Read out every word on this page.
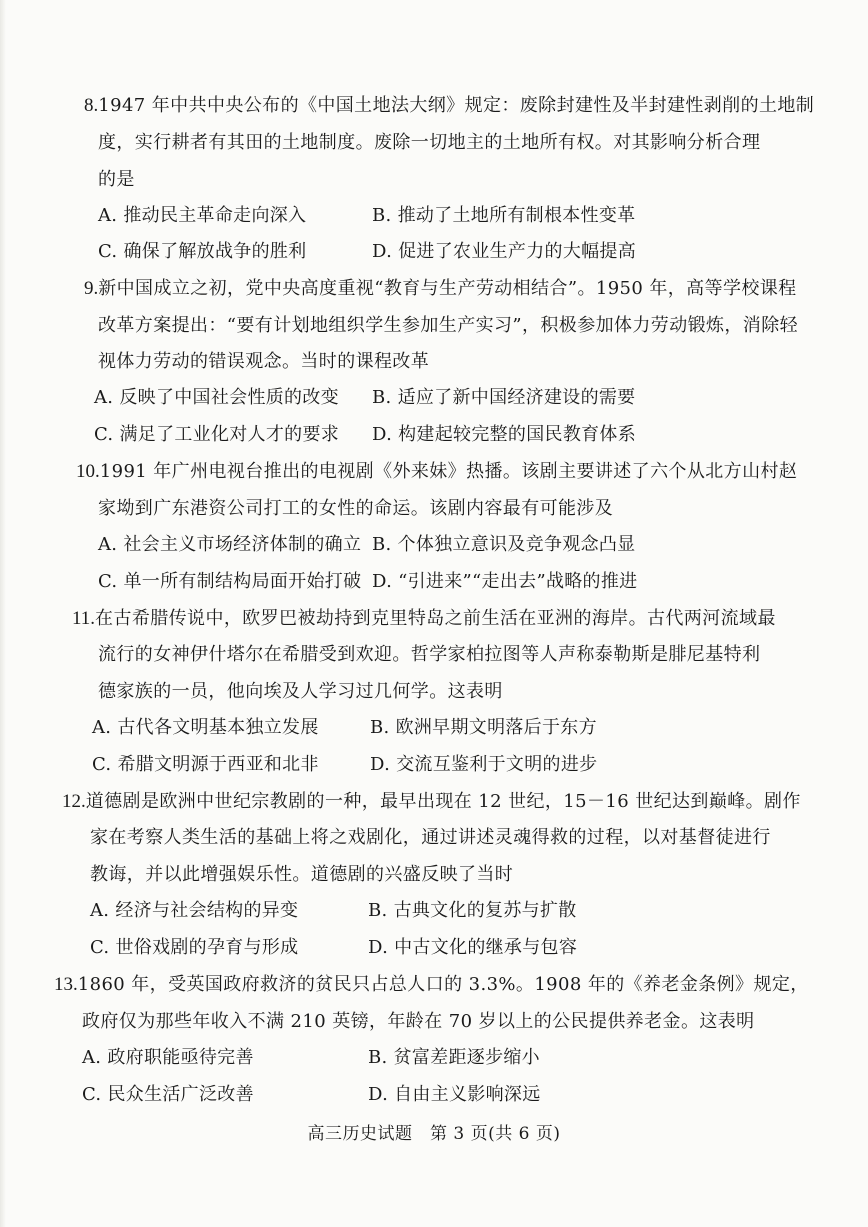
8.1947 年中共中央公布的《中国土地法大纲》规定：废除封建性及半封建性剥削的土地制
度，实行耕者有其田的土地制度。废除一切地主的土地所有权。对其影响分析合理
的是
A. 推动民主革命走向深入	B. 推动了土地所有制根本性变革
C. 确保了解放战争的胜利	D. 促进了农业生产力的大幅提高
9.新中国成立之初，党中央高度重视“教育与生产劳动相结合”。1950 年，高等学校课程
改革方案提出：“要有计划地组织学生参加生产实习”，积极参加体力劳动锻炼，消除轻
视体力劳动的错误观念。当时的课程改革
A. 反映了中国社会性质的改变 B. 适应了新中国经济建设的需要
C. 满足了工业化对人才的要求 D. 构建起较完整的国民教育体系
10.1991 年广州电视台推出的电视剧《外来妹》热播。该剧主要讲述了六个从北方山村赵
家坳到广东港资公司打工的女性的命运。该剧内容最有可能涉及
A. 社会主义市场经济体制的确立 B. 个体独立意识及竞争观念凸显
C. 单一所有制结构局面开始打破 D. “引进来”“走出去”战略的推进
11.在古希腊传说中，欧罗巴被劫持到克里特岛之前生活在亚洲的海岸。古代两河流域最
流行的女神伊什塔尔在希腊受到欢迎。哲学家柏拉图等人声称泰勒斯是腓尼基特利
德家族的一员，他向埃及人学习过几何学。这表明
A. 古代各文明基本独立发展	B. 欧洲早期文明落后于东方
C. 希腊文明源于西亚和北非	D. 交流互鉴利于文明的进步
12.道德剧是欧洲中世纪宗教剧的一种，最早出现在 12 世纪，15－16 世纪达到巅峰。剧作
家在考察人类生活的基础上将之戏剧化，通过讲述灵魂得救的过程，以对基督徒进行
教诲，并以此增强娱乐性。道德剧的兴盛反映了当时
A. 经济与社会结构的异变	B. 古典文化的复苏与扩散
C. 世俗戏剧的孕育与形成	D. 中古文化的继承与包容
13.1860 年，受英国政府救济的贫民只占总人口的 3.3%。1908 年的《养老金条例》规定，
政府仅为那些年收入不满 210 英镑，年龄在 70 岁以上的公民提供养老金。这表明
A. 政府职能亟待完善	B. 贫富差距逐步缩小
C. 民众生活广泛改善	D. 自由主义影响深远
高三历史试题　第 3 页(共 6 页)
